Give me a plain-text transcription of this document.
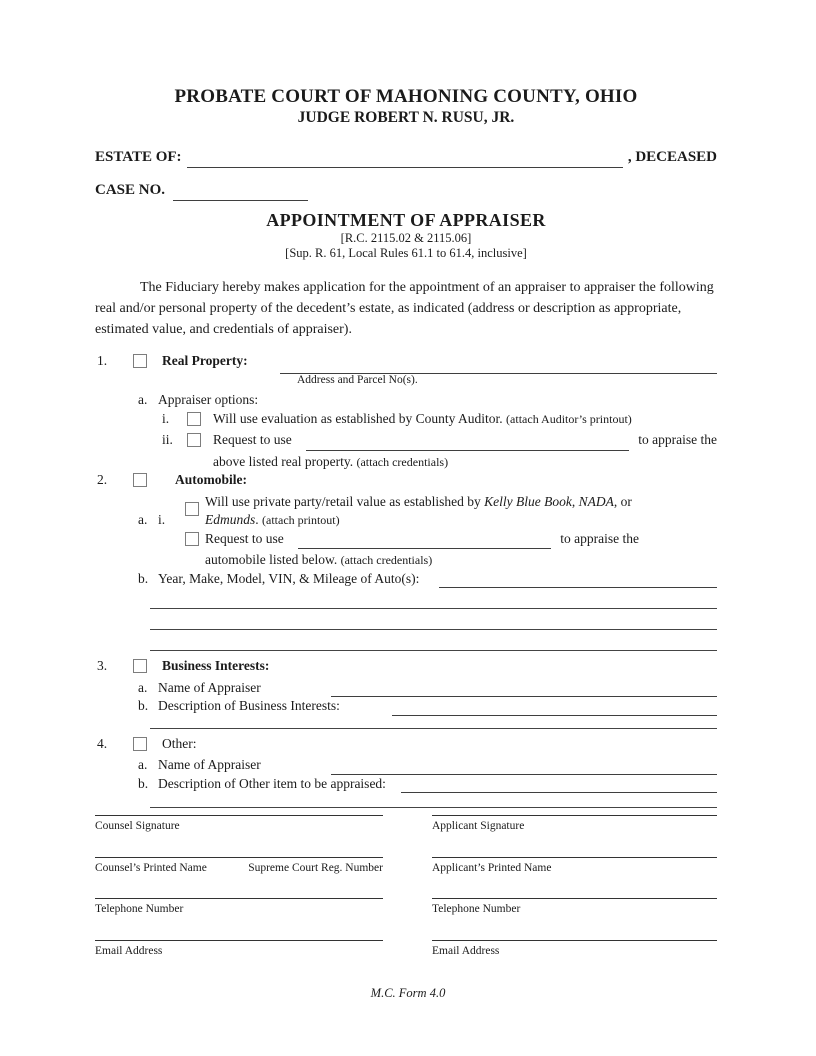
PROBATE COURT OF MAHONING COUNTY, OHIO
JUDGE ROBERT N. RUSU, JR.
ESTATE OF:	, DECEASED
CASE NO.
APPOINTMENT OF APPRAISER
[R.C. 2115.02 & 2115.06]
[Sup. R. 61, Local Rules 61.1 to 61.4, inclusive]

The Fiduciary hereby makes application for the appointment of an appraiser to appraiser the following real and/or personal property of the decedent’s estate, as indicated (address or description as appropriate, estimated value, and credentials of appraiser).

1.	Real Property:
Address and Parcel No(s).
a. Appraiser options:
i.	Will use evaluation as established by County Auditor. (attach Auditor’s printout)
ii.	Request to use	to appraise the
above listed real property. (attach credentials)
2.	Automobile:
a. i.
Will use private party/retail value as established by Kelly Blue Book, NADA, or
Edmunds. (attach printout)
Request to use	to appraise the
automobile listed below. (attach credentials)
b. Year, Make, Model, VIN, & Mileage of Auto(s):
3.	Business Interests:
a. Name of Appraiser
b. Description of Business Interests:
4.	Other:
a. Name of Appraiser
b. Description of Other item to be appraised:
Counsel Signature	Applicant Signature
Counsel’s Printed Name	Supreme Court Reg. Number	Applicant’s Printed Name
Telephone Number	Telephone Number
Email Address	Email Address
M.C. Form 4.0
